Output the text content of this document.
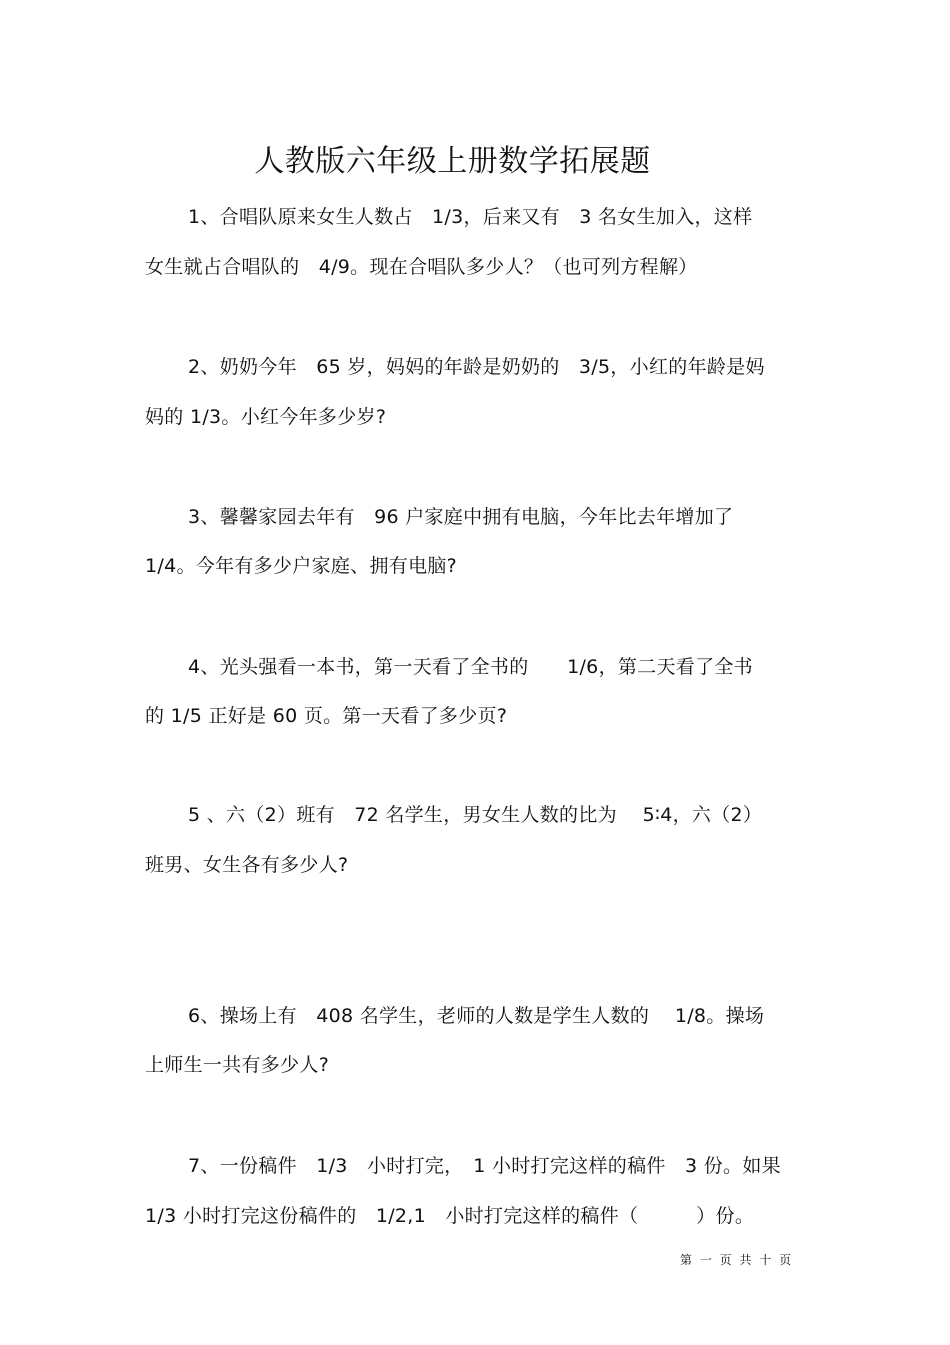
人教版六年级上册数学拓展题
1、合唱队原来女生人数占　1/3，后来又有　3 名女生加入，这样
女生就占合唱队的　4/9。现在合唱队多少人？（也可列方程解）
2、奶奶今年　65 岁，妈妈的年龄是奶奶的　3/5，小红的年龄是妈
妈的 1/3。小红今年多少岁?
3、馨馨家园去年有　96 户家庭中拥有电脑，今年比去年增加了
1/4。今年有多少户家庭、拥有电脑?
4、光头强看一本书，第一天看了全书的　　1/6，第二天看了全书
的 1/5 正好是 60 页。第一天看了多少页?
5 、六（2）班有　72 名学生，男女生人数的比为　 5∶4，六（2）
班男、女生各有多少人?
6、操场上有　408 名学生，老师的人数是学生人数的　 1/8。操场
上师生一共有多少人?
7、一份稿件　1/3　小时打完，　1 小时打完这样的稿件　3 份。如果
1/3 小时打完这份稿件的　1/2,1　小时打完这样的稿件（　　　）份。
第 一 页 共 十 页
